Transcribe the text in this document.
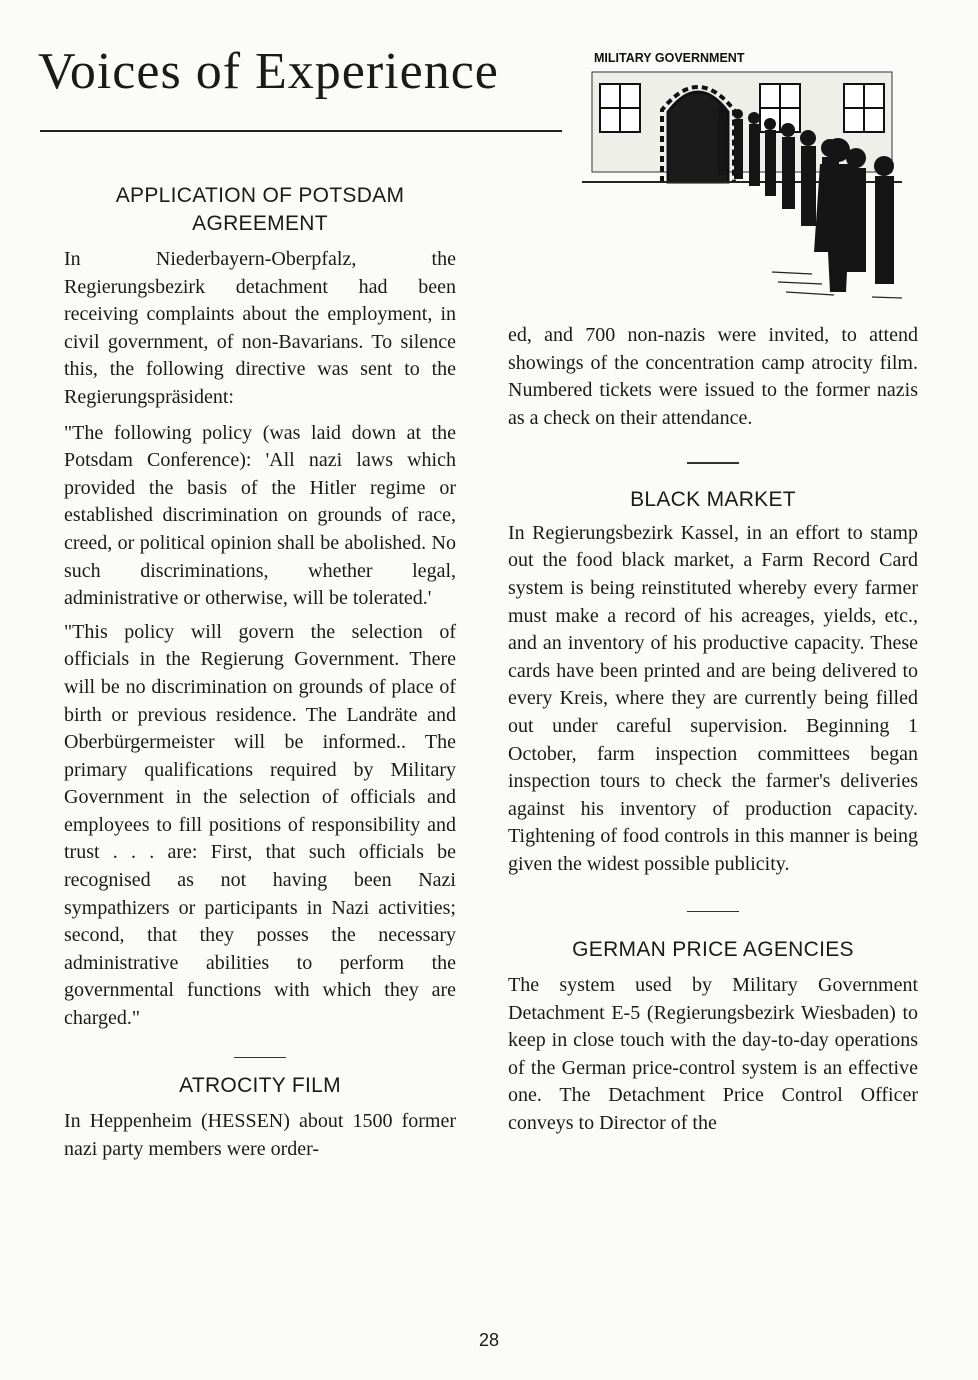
Voices of Experience	MILITARY GOVERNMENT
APPLICATION OF POTSDAM
AGREEMENT

In Niederbayern-Oberpfalz, the Regierungsbezirk detachment had been receiving complaints about the employment, in civil government, of non-Bavarians. To silence this, the following directive was sent to the Regierungspräsident:

"The following policy (was laid down at the Potsdam Conference): 'All nazi laws which provided the basis of the Hitler regime or established discrimination on grounds of race, creed, or political opinion shall be abolished. No such discriminations, whether legal, administrative or otherwise, will be tolerated.'

"This policy will govern the selection of officials in the Regierung Government. There will be no discrimination on grounds of place of birth or previous residence. The Landräte and Oberbürgermeister will be informed.. The primary qualifications required by Military Government in the selection of officials and employees to fill positions of responsibility and trust . . . are: First, that such officials be recognised as not having been Nazi sympathizers or participants in Nazi activities; second, that they posses the necessary administrative abilities to perform the governmental functions with which they are charged."

ATROCITY FILM

In Heppenheim (HESSEN) about 1500 former nazi party members were order-

ed, and 700 non-nazis were invited, to attend showings of the concentration camp atrocity film. Numbered tickets were issued to the former nazis as a check on their attendance.

BLACK MARKET

In Regierungsbezirk Kassel, in an effort to stamp out the food black market, a Farm Record Card system is being reinstituted whereby every farmer must make a record of his acreages, yields, etc., and an inventory of his productive capacity. These cards have been printed and are being delivered to every Kreis, where they are currently being filled out under careful supervision. Beginning 1 October, farm inspection committees began inspection tours to check the farmer's deliveries against his inventory of production capacity. Tightening of food controls in this manner is being given the widest possible publicity.

GERMAN PRICE AGENCIES

The system used by Military Government Detachment E-5 (Regierungsbezirk Wiesbaden) to keep in close touch with the day-to-day operations of the German price-control system is an effective one. The Detachment Price Control Officer conveys to Director of the

28
